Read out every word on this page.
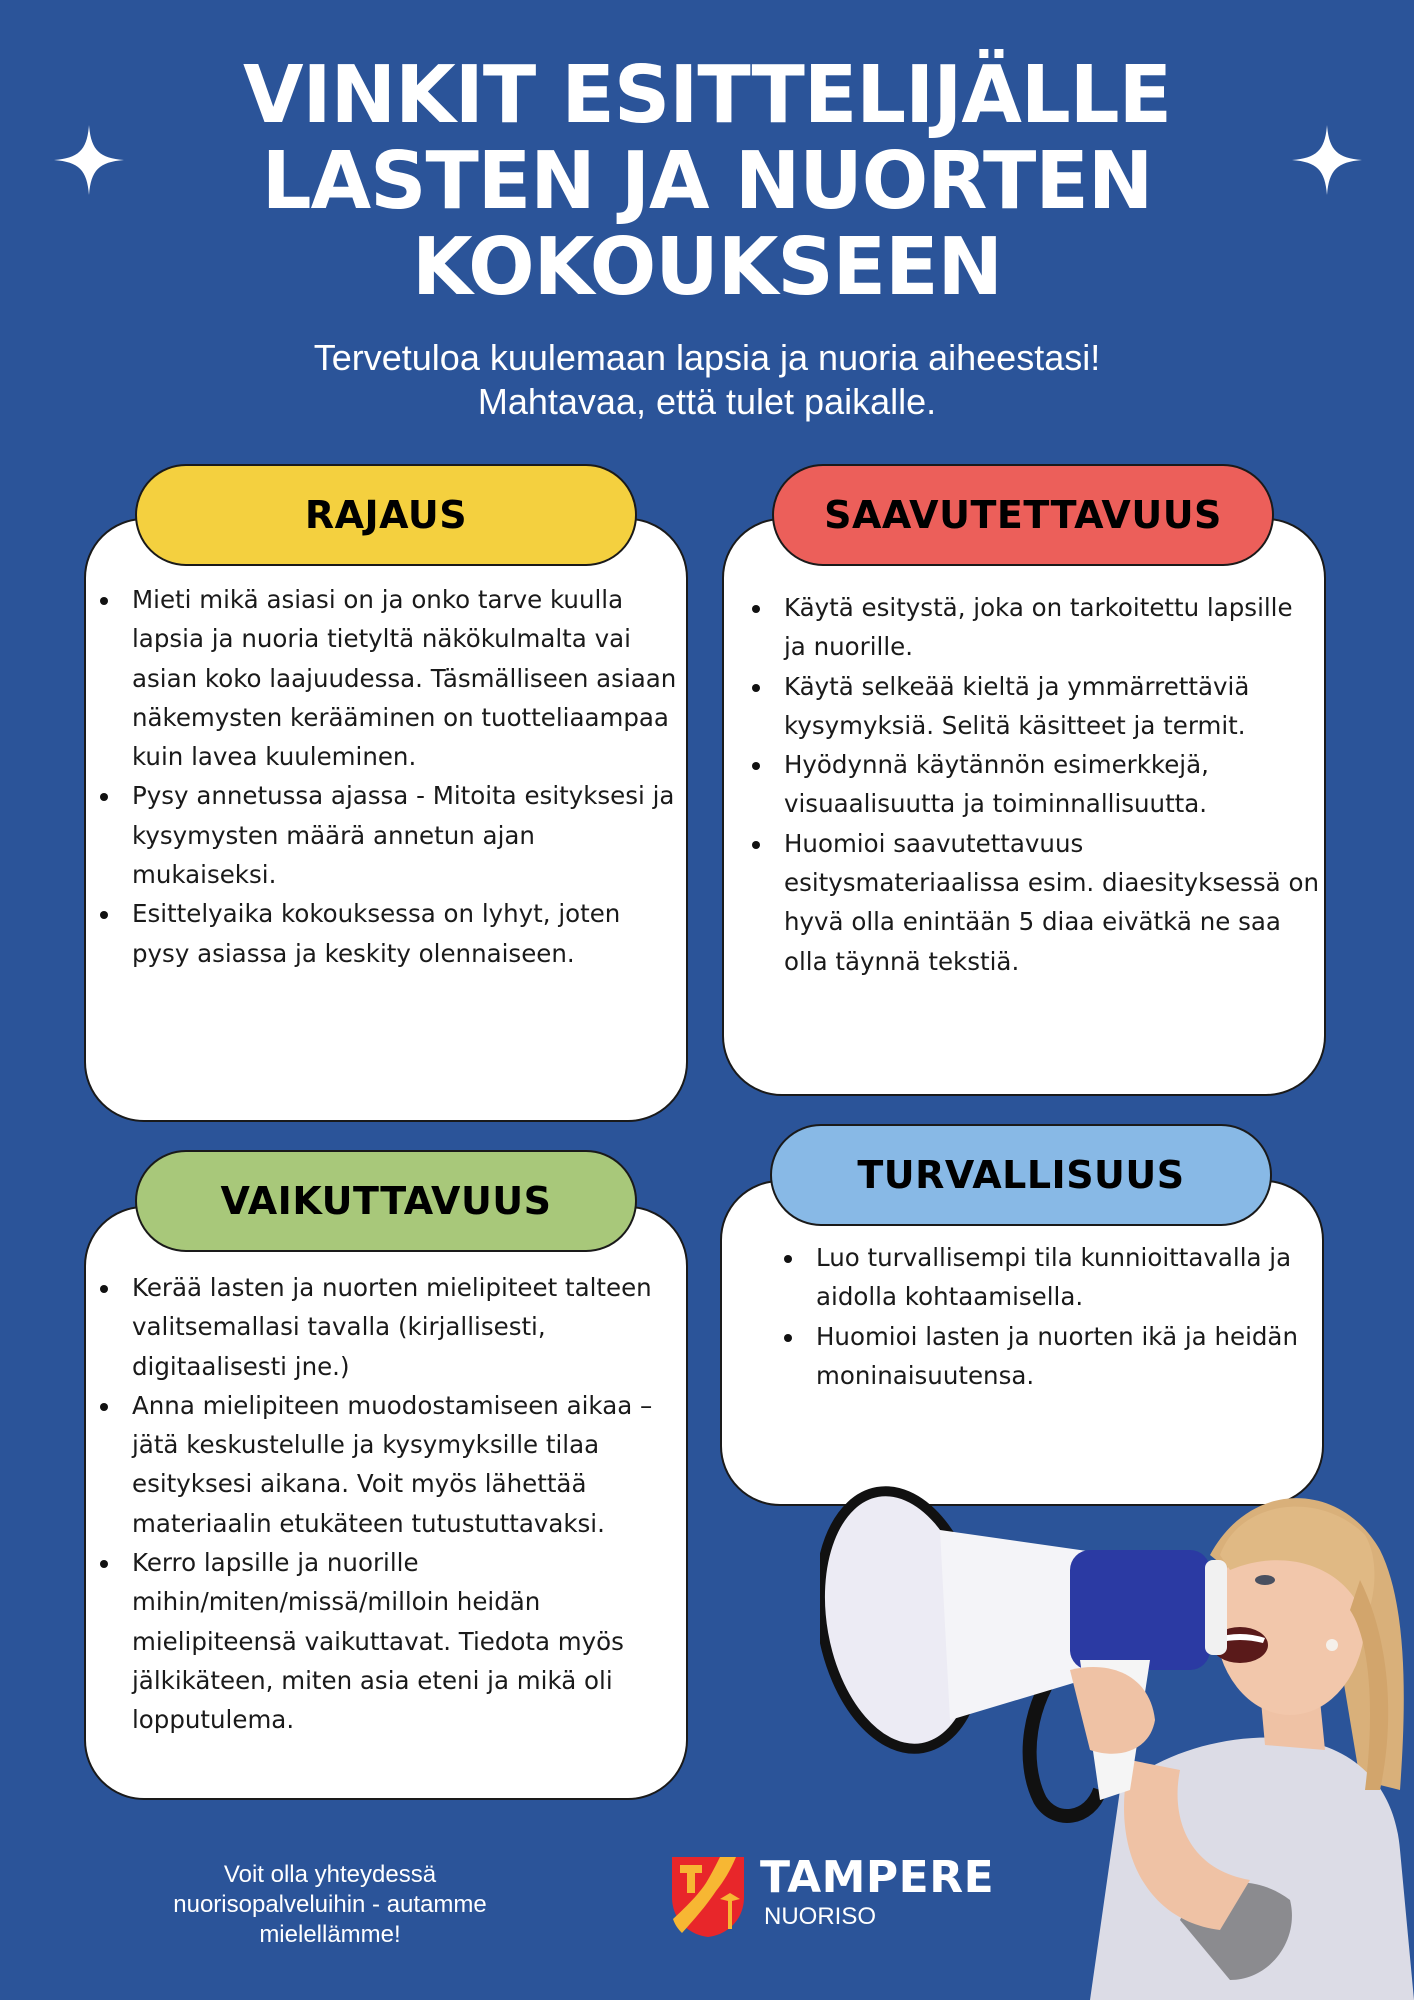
VINKIT ESITTELIJÄLLE
LASTEN JA NUORTEN
KOKOUKSEEN
Tervetuloa kuulemaan lapsia ja nuoria aiheestasi!
Mahtavaa, että tulet paikalle.
Mieti mikä asiasi on ja onko tarve kuulla lapsia ja nuoria tietyltä näkökulmalta vai asian koko laajuudessa. Täsmälliseen asiaan näkemysten kerääminen on tuotteliaampaa kuin lavea kuuleminen.
Pysy annetussa ajassa - Mitoita esityksesi ja kysymysten määrä annetun ajan mukaiseksi.
Esittelyaika kokouksessa on lyhyt, joten pysy asiassa ja keskity olennaiseen.
RAJAUS
Käytä esitystä, joka on tarkoitettu lapsille ja nuorille.
Käytä selkeää kieltä ja ymmärrettäviä kysymyksiä. Selitä käsitteet ja termit.
Hyödynnä käytännön esimerkkejä, visuaalisuutta ja toiminnallisuutta.
Huomioi saavutettavuus esitysmateriaalissa esim. diaesityksessä on hyvä olla enintään 5 diaa eivätkä ne saa olla täynnä tekstiä.
SAAVUTETTAVUUS
Kerää lasten ja nuorten mielipiteet talteen valitsemallasi tavalla (kirjallisesti, digitaalisesti jne.)
Anna mielipiteen muodostamiseen aikaa – jätä keskustelulle ja kysymyksille tilaa esityksesi aikana. Voit myös lähettää materiaalin etukäteen tutustuttavaksi.
Kerro lapsille ja nuorille mihin/miten/missä/milloin heidän mielipiteensä vaikuttavat. Tiedota myös jälkikäteen, miten asia eteni ja mikä oli lopputulema.
VAIKUTTAVUUS
Luo turvallisempi tila kunnioittavalla ja aidolla kohtaamisella.
Huomioi lasten ja nuorten ikä ja heidän moninaisuutensa.
TURVALLISUUS
Voit olla yhteydessä
nuorisopalveluihin - autamme
mielellämme!
TAMPERE
NUORISO
